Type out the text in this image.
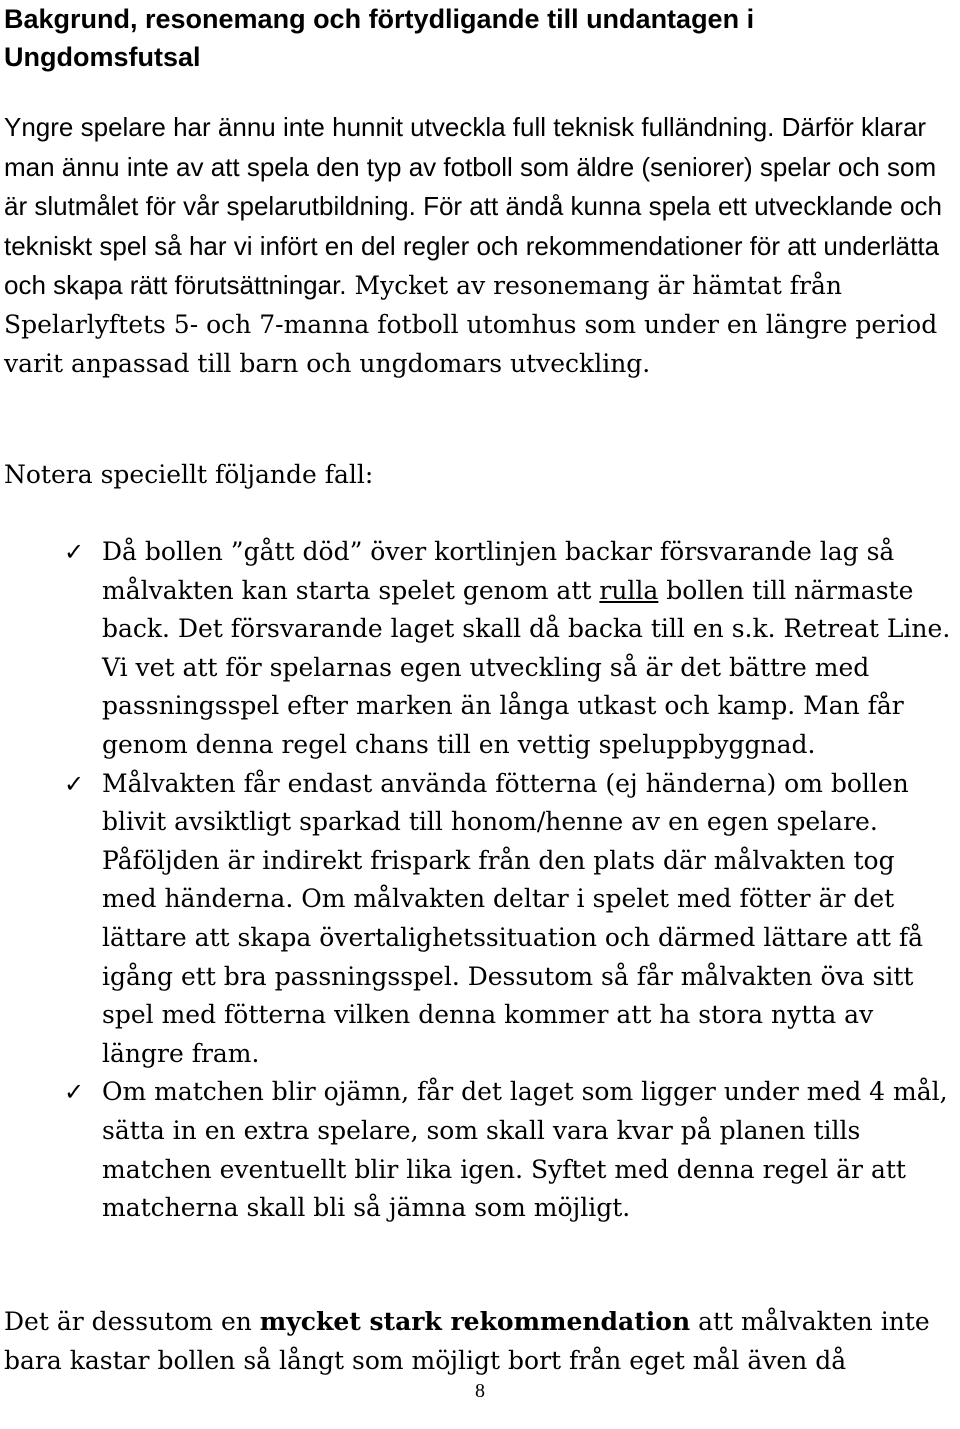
Bakgrund, resonemang och förtydligande till undantagen i Ungdomsfutsal

Yngre spelare har ännu inte hunnit utveckla full teknisk fulländning. Därför klarar man ännu inte av att spela den typ av fotboll som äldre (seniorer) spelar och som är slutmålet för vår spelarutbildning. För att ändå kunna spela ett utvecklande och tekniskt spel så har vi infört en del regler och rekommendationer för att underlätta och skapa rätt förutsättningar. Mycket av resonemang är hämtat från Spelarlyftets 5- och 7-manna fotboll utomhus som under en längre period varit anpassad till barn och ungdomars utveckling.

Notera speciellt följande fall:

✓ Då bollen ”gått död” över kortlinjen backar försvarande lag så målvakten kan starta spelet genom att rulla bollen till närmaste back. Det försvarande laget skall då backa till en s.k. Retreat Line. Vi vet att för spelarnas egen utveckling så är det bättre med passningsspel efter marken än långa utkast och kamp. Man får genom denna regel chans till en vettig speluppbyggnad.
✓ Målvakten får endast använda fötterna (ej händerna) om bollen blivit avsiktligt sparkad till honom/henne av en egen spelare. Påföljden är indirekt frispark från den plats där målvakten tog med händerna. Om målvakten deltar i spelet med fötter är det lättare att skapa övertalighetssituation och därmed lättare att få igång ett bra passningsspel. Dessutom så får målvakten öva sitt spel med fötterna vilken denna kommer att ha stora nytta av längre fram.
✓ Om matchen blir ojämn, får det laget som ligger under med 4 mål, sätta in en extra spelare, som skall vara kvar på planen tills matchen eventuellt blir lika igen. Syftet med denna regel är att matcherna skall bli så jämna som möjligt.

Det är dessutom en mycket stark rekommendation att målvakten inte bara kastar bollen så långt som möjligt bort från eget mål även då

8
